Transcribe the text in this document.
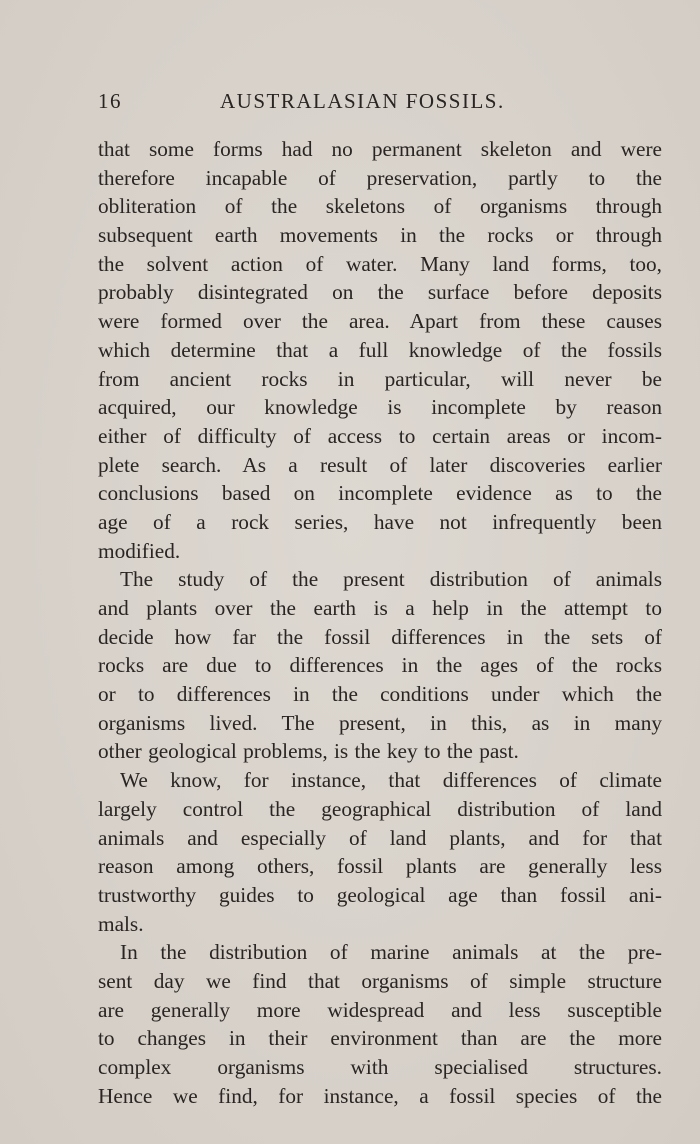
16	AUSTRALASIAN FOSSILS.
that some forms had no permanent skeleton and were
therefore incapable of preservation, partly to the
obliteration of the skeletons of organisms through
subsequent earth movements in the rocks or through
the solvent action of water. Many land forms, too,
probably disintegrated on the surface before deposits
were formed over the area. Apart from these causes
which determine that a full knowledge of the fossils
from ancient rocks in particular, will never be
acquired, our knowledge is incomplete by reason
either of difficulty of access to certain areas or incom-
plete search. As a result of later discoveries earlier
conclusions based on incomplete evidence as to the
age of a rock series, have not infrequently been
modified.
The study of the present distribution of animals
and plants over the earth is a help in the attempt to
decide how far the fossil differences in the sets of
rocks are due to differences in the ages of the rocks
or to differences in the conditions under which the
organisms lived. The present, in this, as in many
other geological problems, is the key to the past.
We know, for instance, that differences of climate
largely control the geographical distribution of land
animals and especially of land plants, and for that
reason among others, fossil plants are generally less
trustworthy guides to geological age than fossil ani-
mals.
In the distribution of marine animals at the pre-
sent day we find that organisms of simple structure
are generally more widespread and less susceptible
to changes in their environment than are the more
complex organisms with specialised structures.
Hence we find, for instance, a fossil species of the
